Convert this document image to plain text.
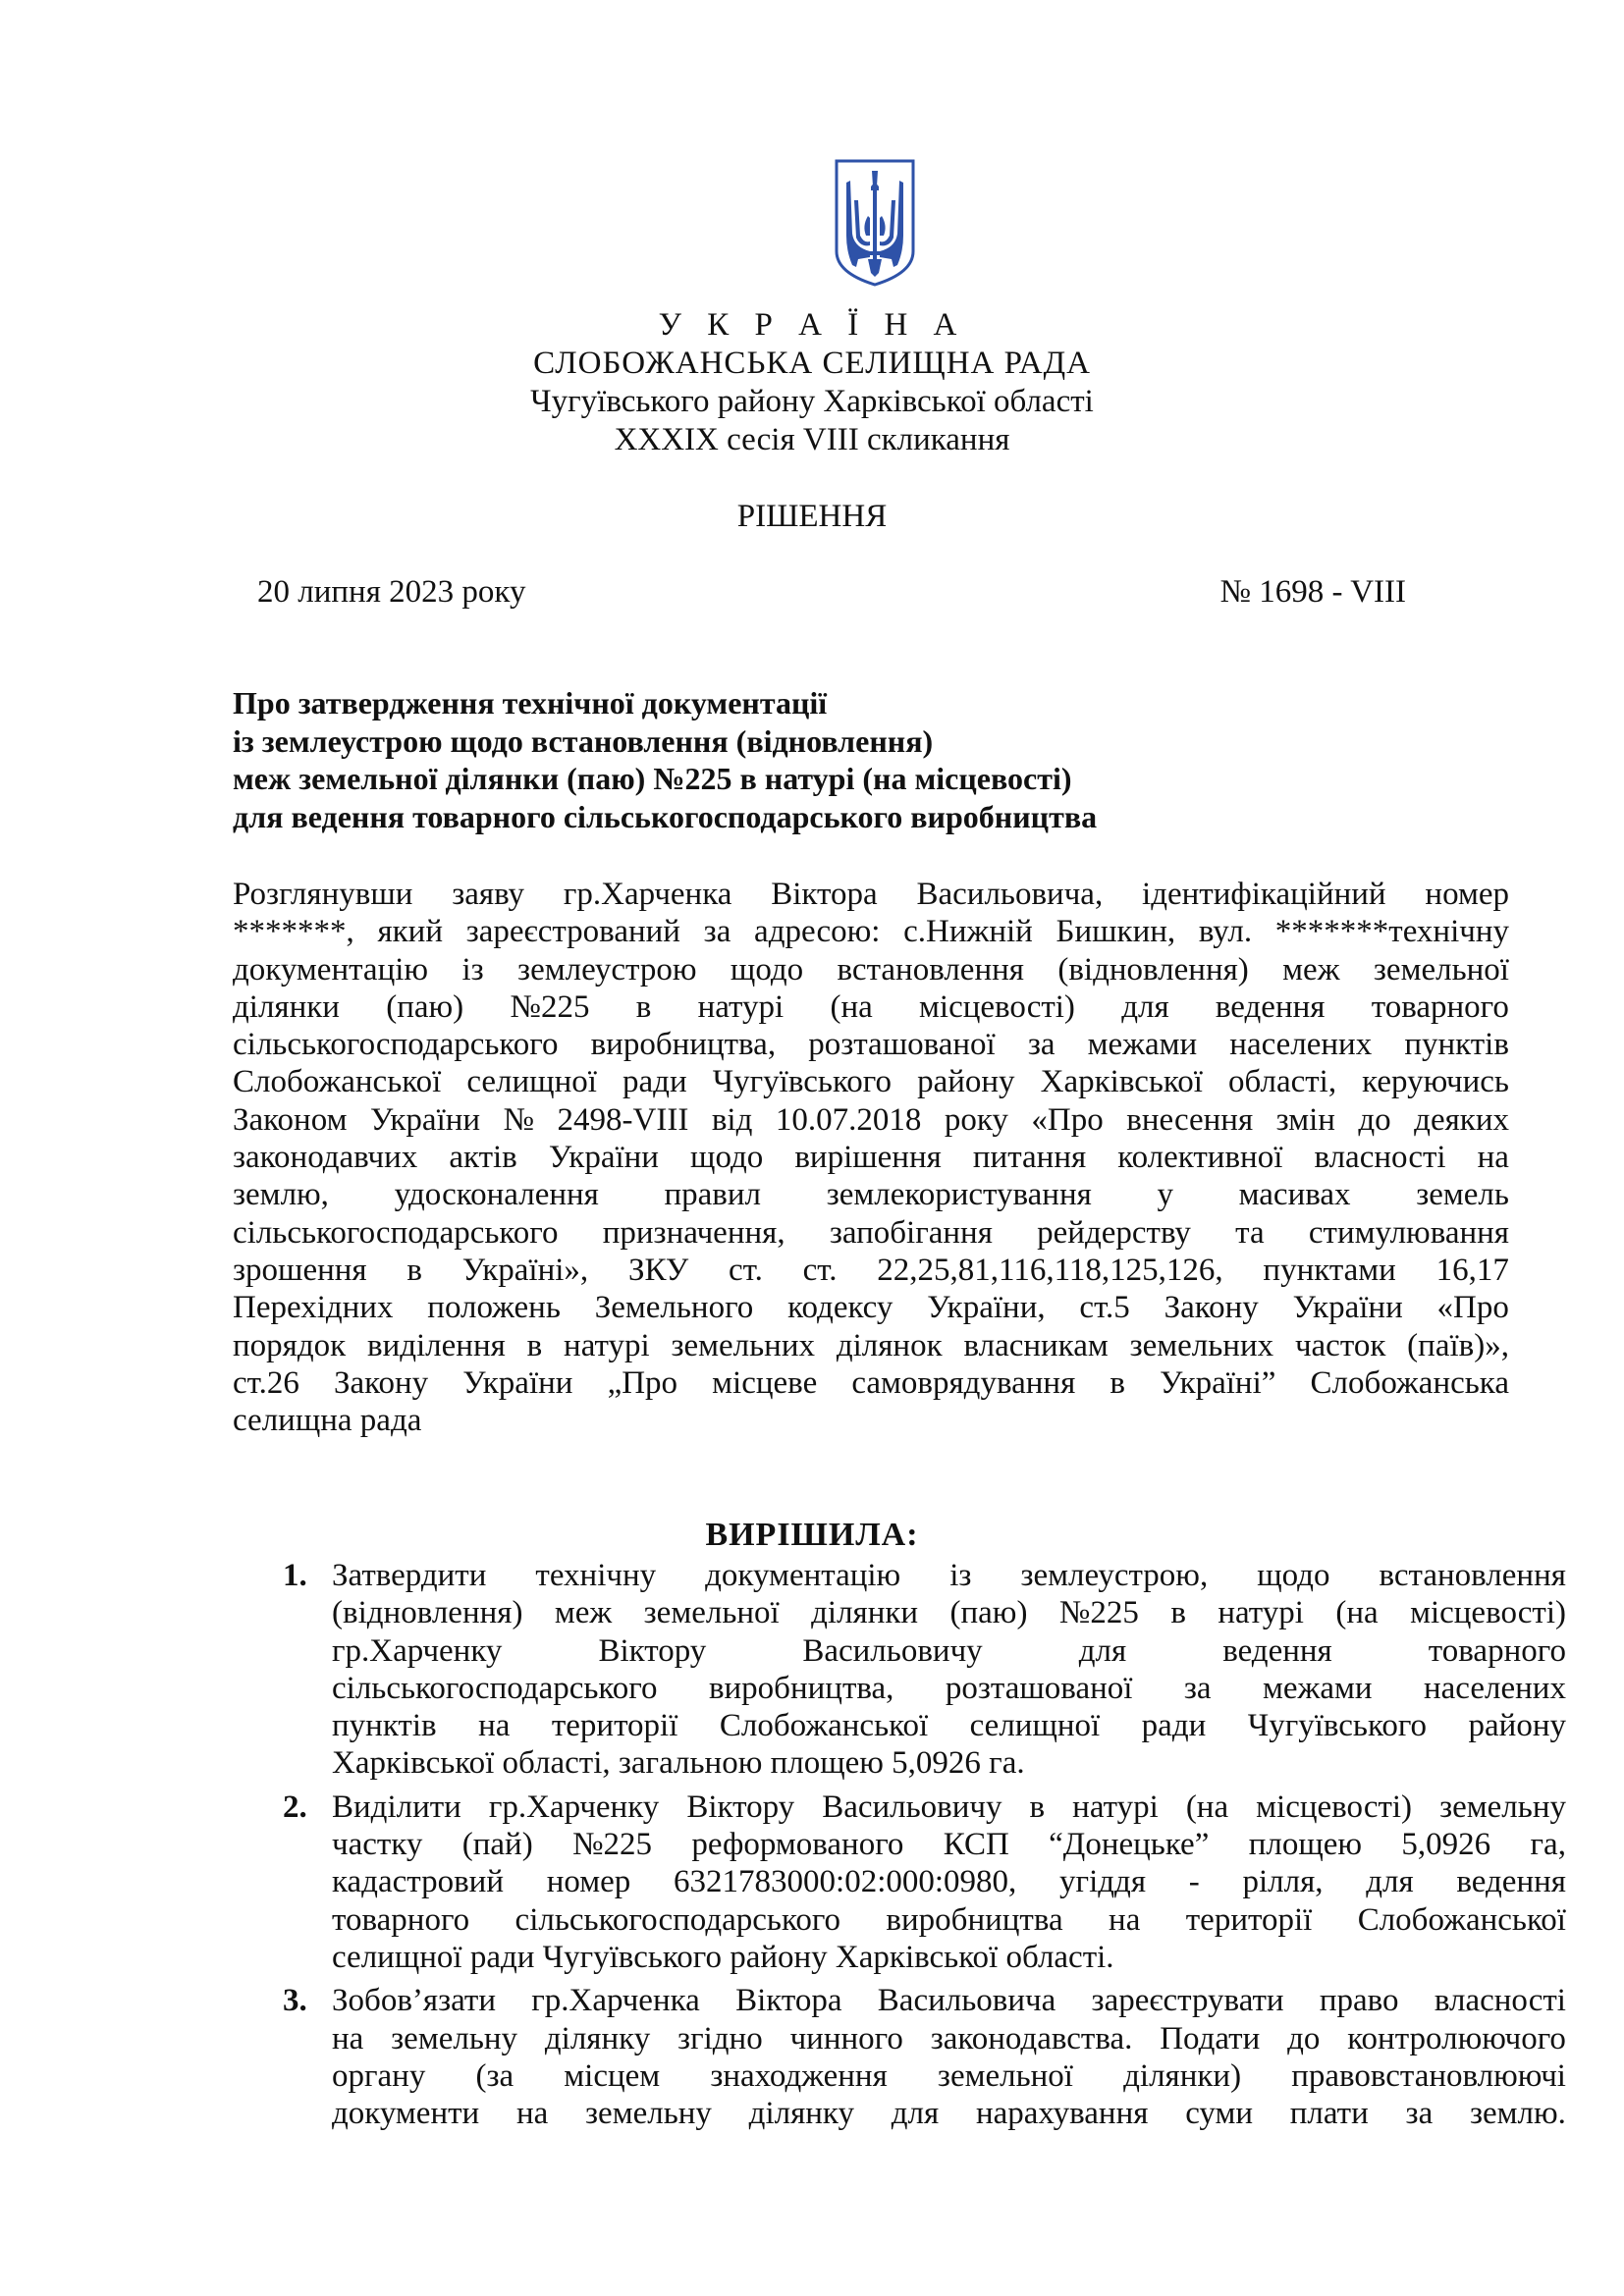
У К Р А Ї Н А
СЛОБОЖАНСЬКА СЕЛИЩНА РАДА
Чугуївського району Харківської області
XXXIX сесія VIII скликання
РІШЕННЯ
20 липня 2023 року	№ 1698 - VIII
Про затвердження технічної документації
із землеустрою щодо встановлення (відновлення)
меж земельної ділянки (паю) №225 в натурі (на місцевості)
для ведення товарного сільськогосподарського виробництва
Розглянувши заяву гр.Харченка Віктора Васильовича, ідентифікаційний номер
*******, який зареєстрований за адресою: с.Нижній Бишкин, вул. *******технічну
документацію із землеустрою щодо встановлення (відновлення) меж земельної
ділянки (паю) №225 в натурі (на місцевості) для ведення товарного
сільськогосподарського виробництва, розташованої за межами населених пунктів
Слобожанської селищної ради Чугуївського району Харківської області, керуючись
Законом України № 2498-VIII від 10.07.2018 року «Про внесення змін до деяких
законодавчих актів України щодо вирішення питання колективної власності на
землю, удосконалення правил землекористування у масивах земель
сільськогосподарського призначення, запобігання рейдерству та стимулювання
зрошення в Україні», ЗКУ ст. ст. 22,25,81,116,118,125,126, пунктами 16,17
Перехідних положень Земельного кодексу України, ст.5 Закону України «Про
порядок виділення в натурі земельних ділянок власникам земельних часток (паїв)»,
ст.26 Закону України „Про місцеве самоврядування в Україні” Слобожанська
селищна рада
ВИРІШИЛА:
1. Затвердити технічну документацію із землеустрою, щодо встановлення
(відновлення) меж земельної ділянки (паю) №225 в натурі (на місцевості)
гр.Харченку	Віктору	Васильовичу	для	ведення	товарного
сільськогосподарського виробництва, розташованої за межами населених
пунктів на території Слобожанської селищної ради Чугуївського району
Харківської області, загальною площею 5,0926 га.
2. Виділити гр.Харченку Віктору Васильовичу в натурі (на місцевості) земельну
частку (пай) №225 реформованого КСП “Донецьке” площею 5,0926 га,
кадастровий номер 6321783000:02:000:0980, угіддя - рілля, для ведення
товарного сільськогосподарського виробництва на території Слобожанської
селищної ради Чугуївського району Харківської області.
3. Зобов’язати гр.Харченка Віктора Васильовича зареєструвати право власності
на земельну ділянку згідно чинного законодавства. Подати до контролюючого
органу (за місцем знаходження земельної ділянки) правовстановлюючі
документи на земельну ділянку для нарахування суми плати за землю.
